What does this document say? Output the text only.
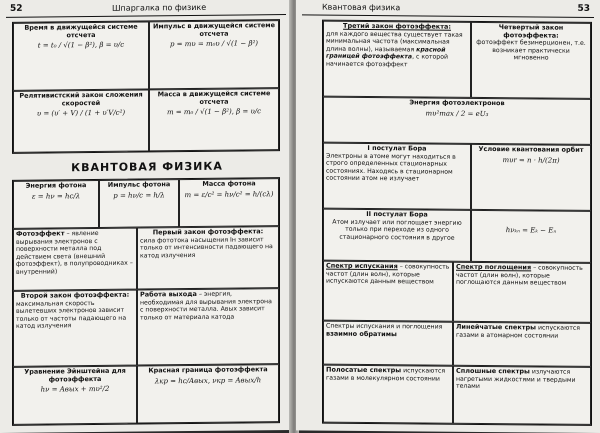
52	Шпаргалка по физике
Время в движущейся системе отсчета
t = t₀ / √(1 − β²), β = υ/c
Импульс в движущейся системе отсчета
p = mυ = m₀υ / √(1 − β²)
Релятивистский закон сложения скоростей
υ = (υ′ + V) / (1 + υ′V/c²)
Масса в движущейся системе отсчета
m = m₀ / √(1 − β²), β = υ/c
КВАНТОВАЯ ФИЗИКА
Энергия фотона
ε = hν = hc/λ
Импульс фотона
p = hν/c = h/λ
Масса фотона
m = ε/c² = hν/c² = h/(cλ)
Фотоэффект – явление вырывания электронов с поверхности металла под действием света (внешний фотоэффект), в полупроводниках – внутренний)
Первый закон фотоэффекта:
сила фототока насыщения Iн зависит только от интенсивности падающего на катод излучения
Второй закон фотоэффекта:
максимальная скорость вылетевших электронов зависит только от частоты падающего на катод излучения
Работа выхода – энергия, необходимая для вырывания электрона с поверхности металла. Aвых зависит только от материала катода
Уравнение Эйнштейна для фотоэффекта
hν = Aвых + mυ²/2
Красная граница фотоэффекта
λкр = hc/Aвых, νкр = Aвых/h
Квантовая физика	53
Третий закон фотоэффекта:
для каждого вещества существует такая минимальная частота (максимальная длина волны), называемая красной границей фотоэффекта, с которой начинается фотоэффект
Четвертый закон фотоэффекта:
фотоэффект безинерционен, т.е. возникает практически мгновенно
Энергия фотоэлектронов
mυ²max / 2 = eU₃
I постулат Бора
Электроны в атоме могут находиться в строго определенных стационарных состояниях. Находясь в стационарном состоянии атом не излучает
Условие квантования орбит
mυr = n · h/(2π)
II постулат Бора
Атом излучает или поглощает энергию только при переходе из одного стационарного состояния в другое
hνₖₙ = Eₖ − Eₙ
Спектр испускания – совокупность частот (длин волн), которые испускаются данным веществом
Спектр поглощения – совокупность частот (длин волн), которые поглощаются данным веществом
Спектры испускания и поглощения взаимно обратимы
Линейчатые спектры испускаются газами в атомарном состоянии
Полосатые спектры испускаются газами в молекулярном состоянии
Сплошные спектры излучаются нагретыми жидкостями и твердыми телами
